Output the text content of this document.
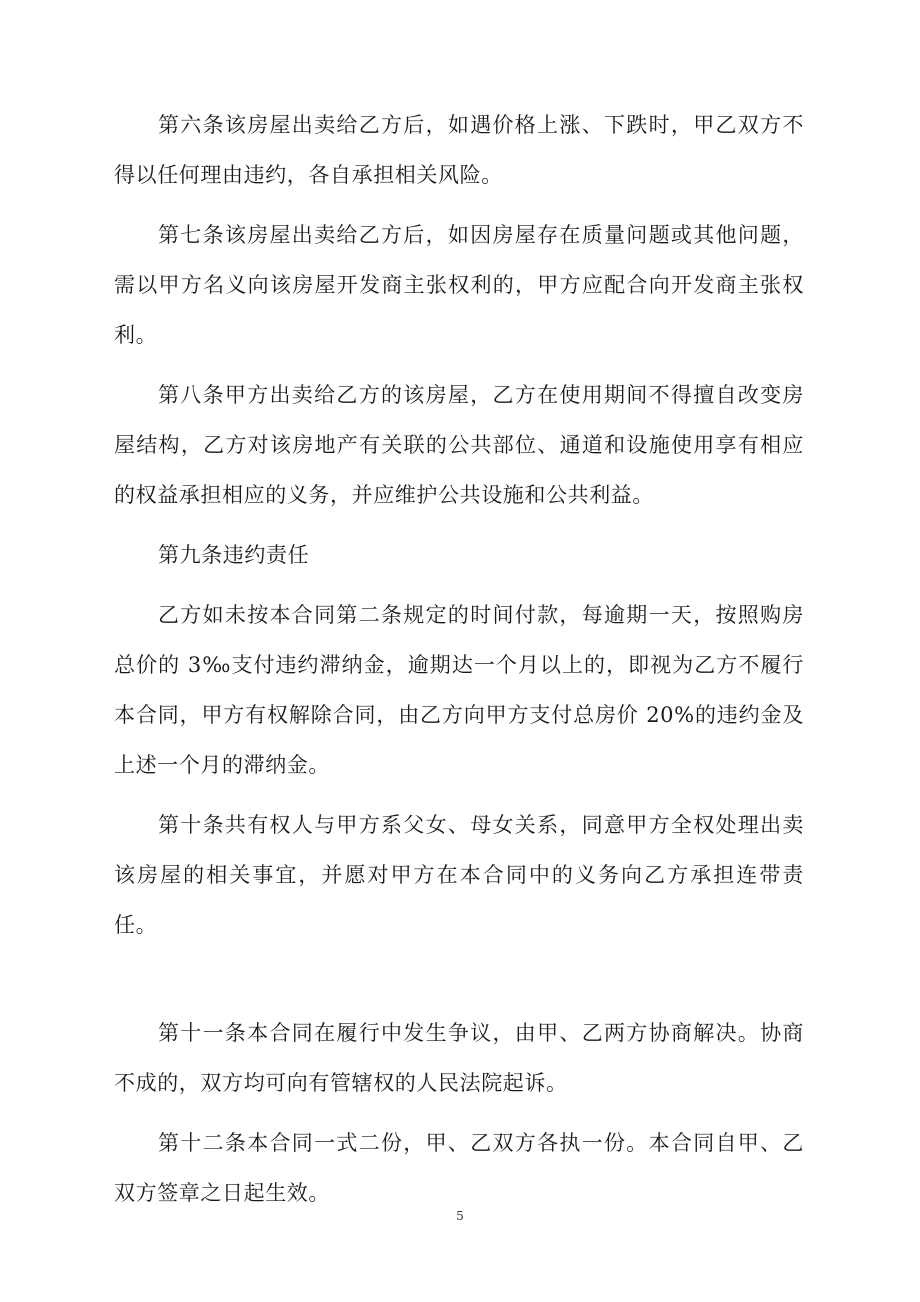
第六条该房屋出卖给乙方后，如遇价格上涨、下跌时，甲乙双方不得以任何理由违约，各自承担相关风险。

第七条该房屋出卖给乙方后，如因房屋存在质量问题或其他问题，需以甲方名义向该房屋开发商主张权利的，甲方应配合向开发商主张权利。

第八条甲方出卖给乙方的该房屋，乙方在使用期间不得擅自改变房屋结构，乙方对该房地产有关联的公共部位、通道和设施使用享有相应的权益承担相应的义务，并应维护公共设施和公共利益。

第九条违约责任

乙方如未按本合同第二条规定的时间付款，每逾期一天，按照购房总价的 3‰支付违约滞纳金，逾期达一个月以上的，即视为乙方不履行本合同，甲方有权解除合同，由乙方向甲方支付总房价 20%的违约金及上述一个月的滞纳金。

第十条共有权人与甲方系父女、母女关系，同意甲方全权处理出卖该房屋的相关事宜，并愿对甲方在本合同中的义务向乙方承担连带责任。

第十一条本合同在履行中发生争议，由甲、乙两方协商解决。协商不成的，双方均可向有管辖权的人民法院起诉。

第十二条本合同一式二份，甲、乙双方各执一份。本合同自甲、乙双方签章之日起生效。

5
